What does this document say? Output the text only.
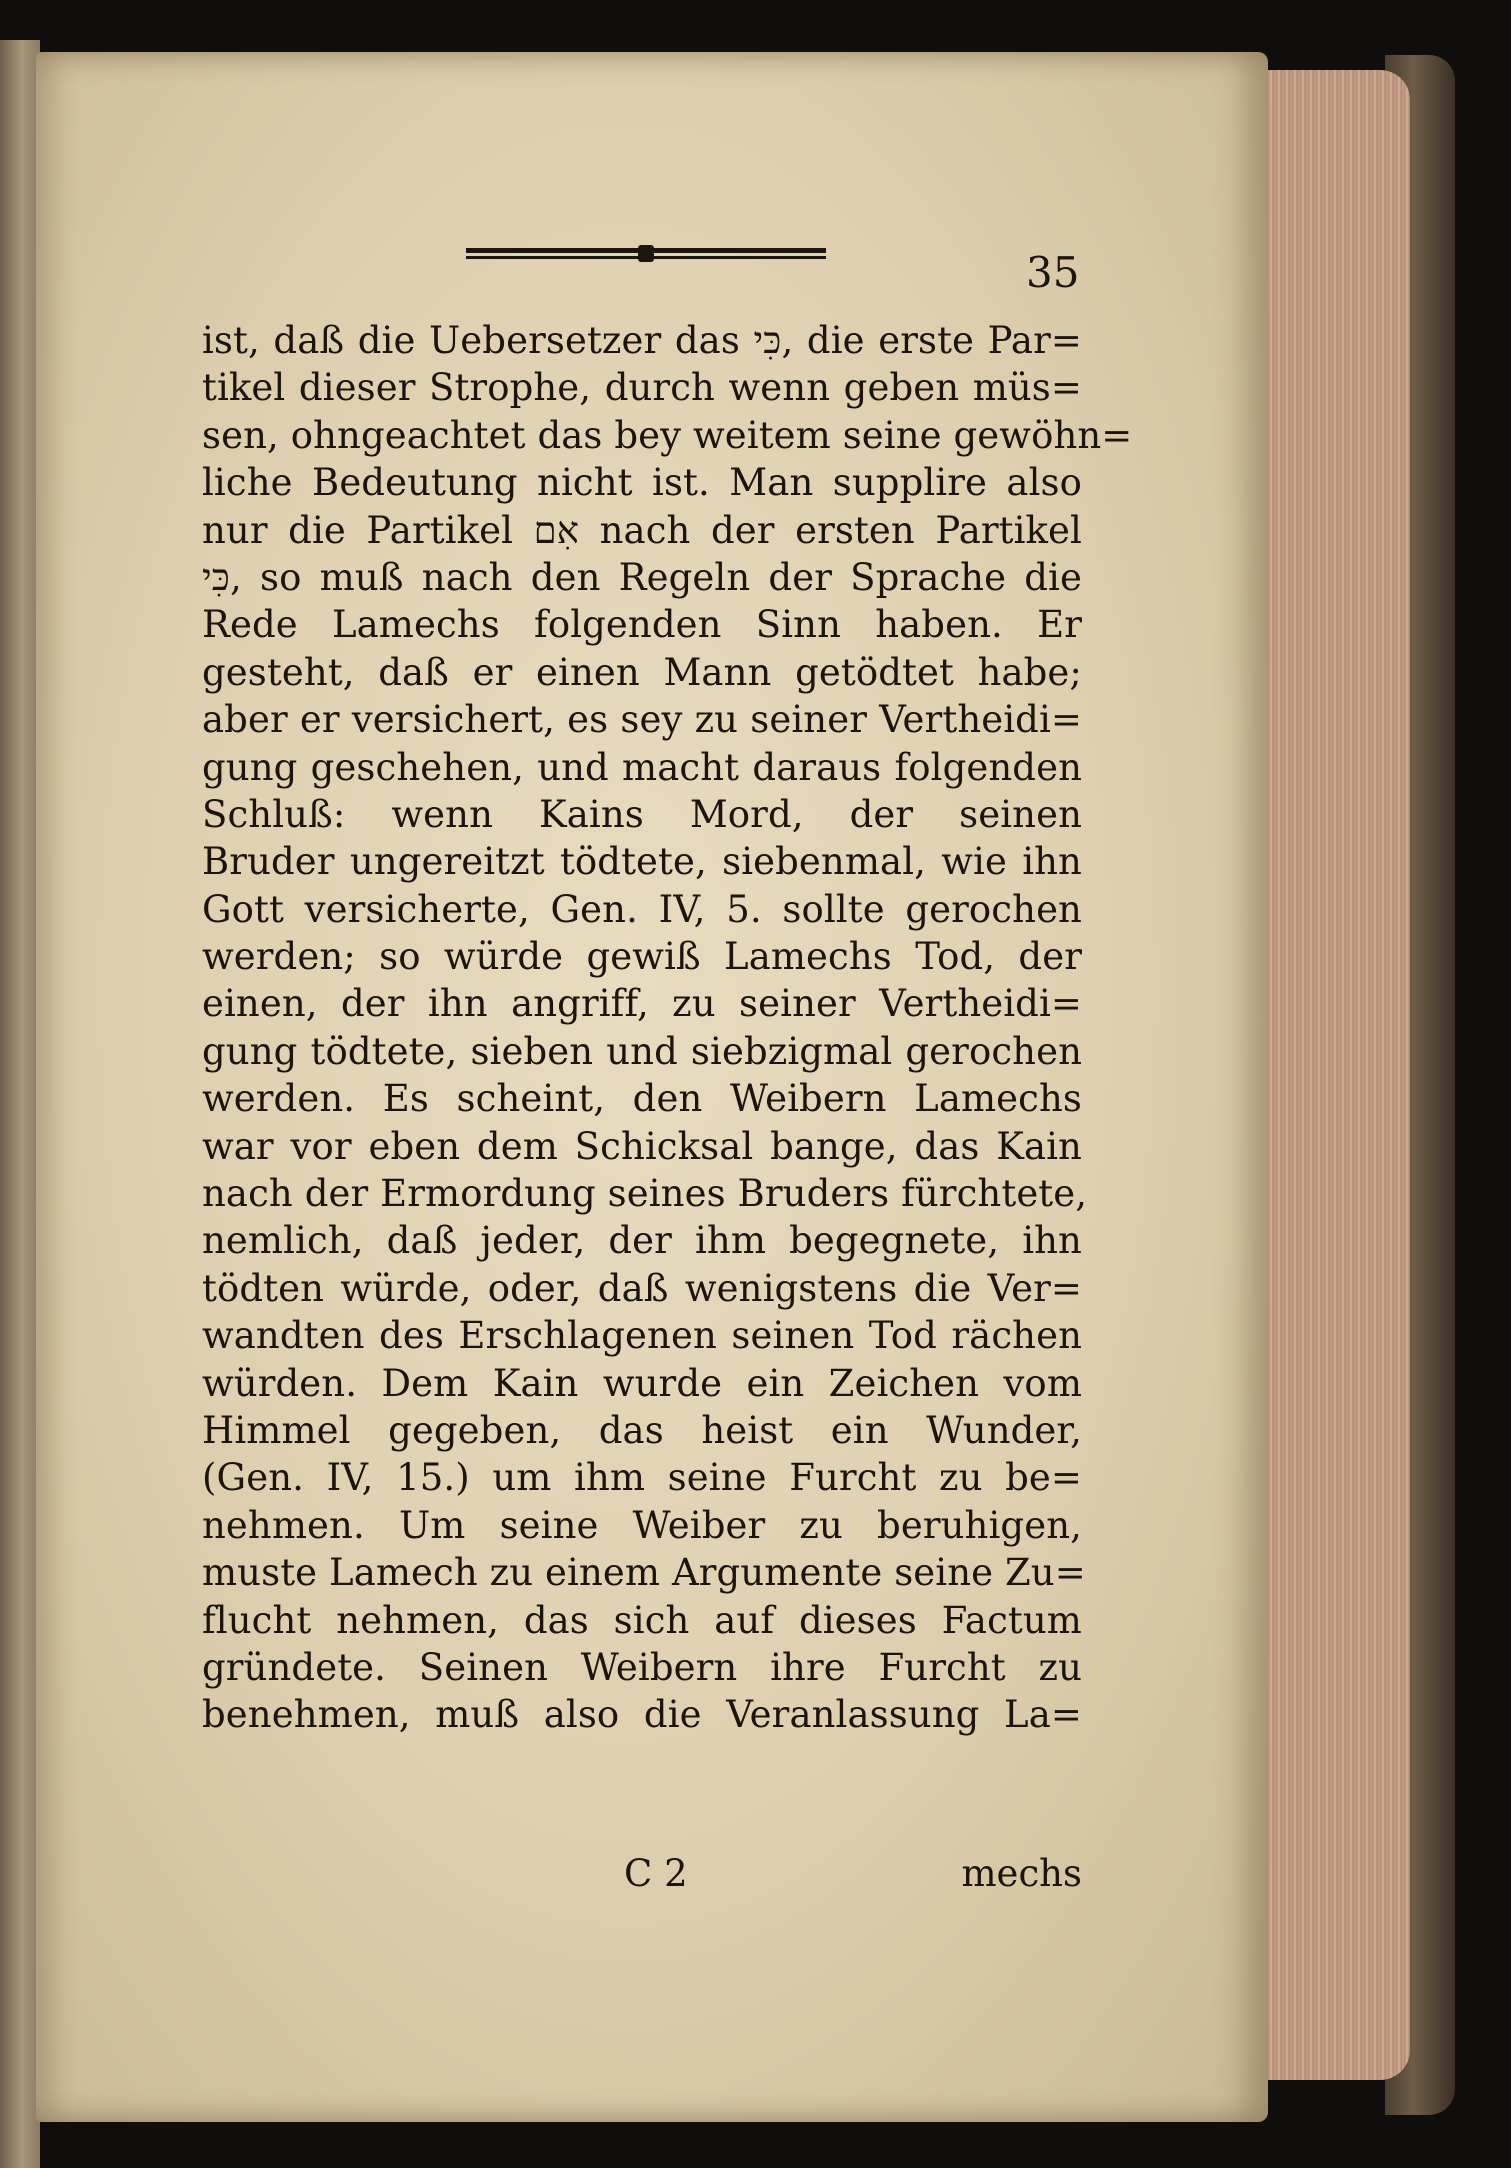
35
ist, daß die Uebersetzer das כִּי, die erste Par=
tikel dieser Strophe, durch wenn geben müs=
sen, ohngeachtet das bey weitem seine gewöhn=
liche Bedeutung nicht ist. Man supplire also
nur die Partikel אִם nach der ersten Partikel
כִּי, so muß nach den Regeln der Sprache die
Rede Lamechs folgenden Sinn haben. Er
gesteht, daß er einen Mann getödtet habe;
aber er versichert, es sey zu seiner Vertheidi=
gung geschehen, und macht daraus folgenden
Schluß: wenn Kains Mord, der seinen
Bruder ungereitzt tödtete, siebenmal, wie ihn
Gott versicherte, Gen. IV, 5. sollte gerochen
werden; so würde gewiß Lamechs Tod, der
einen, der ihn angriff, zu seiner Vertheidi=
gung tödtete, sieben und siebzigmal gerochen
werden. Es scheint, den Weibern Lamechs
war vor eben dem Schicksal bange, das Kain
nach der Ermordung seines Bruders fürchtete,
nemlich, daß jeder, der ihm begegnete, ihn
tödten würde, oder, daß wenigstens die Ver=
wandten des Erschlagenen seinen Tod rächen
würden. Dem Kain wurde ein Zeichen vom
Himmel gegeben, das heist ein Wunder,
(Gen. IV, 15.) um ihm seine Furcht zu be=
nehmen. Um seine Weiber zu beruhigen,
muste Lamech zu einem Argumente seine Zu=
flucht nehmen, das sich auf dieses Factum
gründete. Seinen Weibern ihre Furcht zu
benehmen, muß also die Veranlassung La=
C 2	mechs
